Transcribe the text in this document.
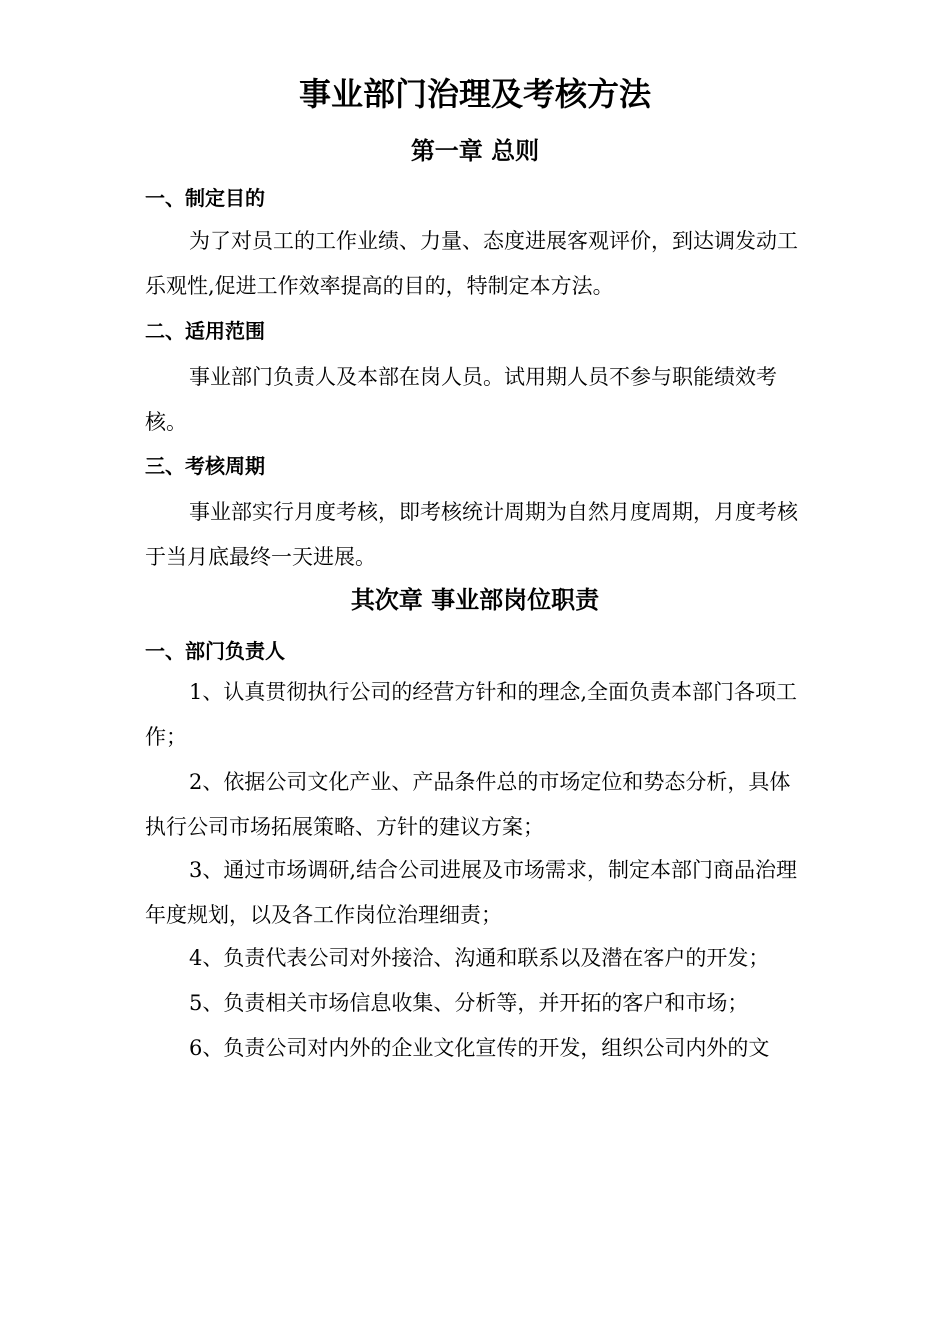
事业部门治理及考核方法
第一章 总则
一、制定目的

为了对员工的工作业绩、力量、态度进展客观评价，到达调发动工乐观性,促进工作效率提高的目的，特制定本方法。

二、适用范围

事业部门负责人及本部在岗人员。试用期人员不参与职能绩效考核。

三、考核周期

事业部实行月度考核，即考核统计周期为自然月度周期，月度考核于当月底最终一天进展。

其次章 事业部岗位职责
一、部门负责人

1、认真贯彻执行公司的经营方针和的理念,全面负责本部门各项工作；

2、依据公司文化产业、产品条件总的市场定位和势态分析，具体执行公司市场拓展策略、方针的建议方案；

3、通过市场调研,结合公司进展及市场需求，制定本部门商品治理年度规划，以及各工作岗位治理细责；

4、负责代表公司对外接洽、沟通和联系以及潜在客户的开发；

5、负责相关市场信息收集、分析等，并开拓的客户和市场；

6、负责公司对内外的企业文化宣传的开发，组织公司内外的文
